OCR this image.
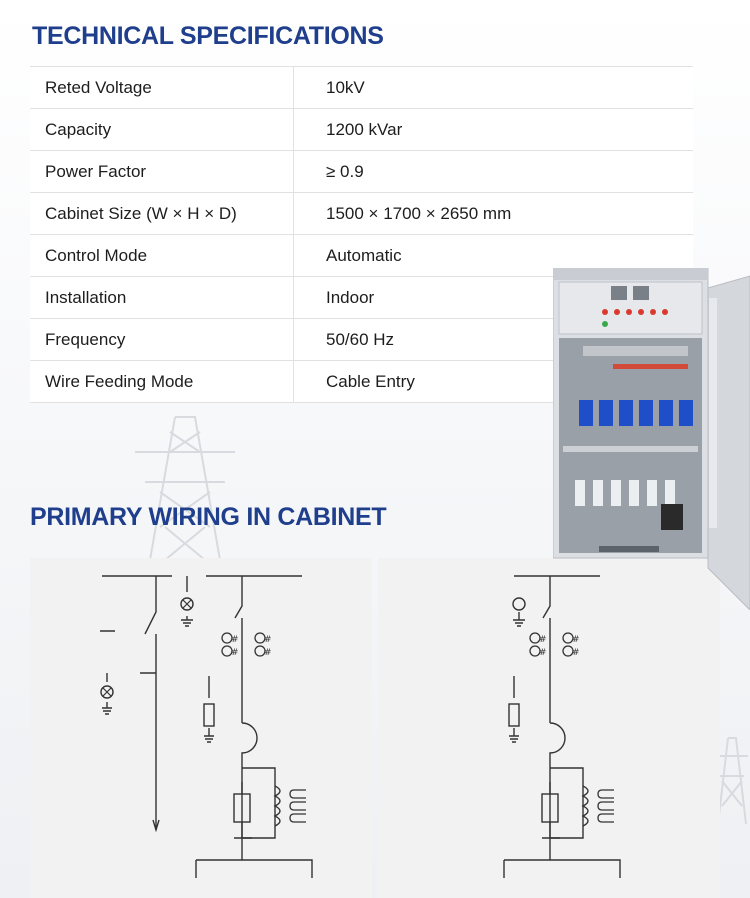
TECHNICAL SPECIFICATIONS
Reted Voltage	10kV
Capacity	1200 kVar
Power Factor	≥ 0.9
Cabinet Size (W × H × D)	1500 × 1700 × 2650 mm
Control Mode	Automatic
Installation	Indoor
Frequency	50/60 Hz
Wire Feeding Mode	Cable Entry
PRIMARY WIRING IN CABINET
#	#
#	#
#	#
#	#
